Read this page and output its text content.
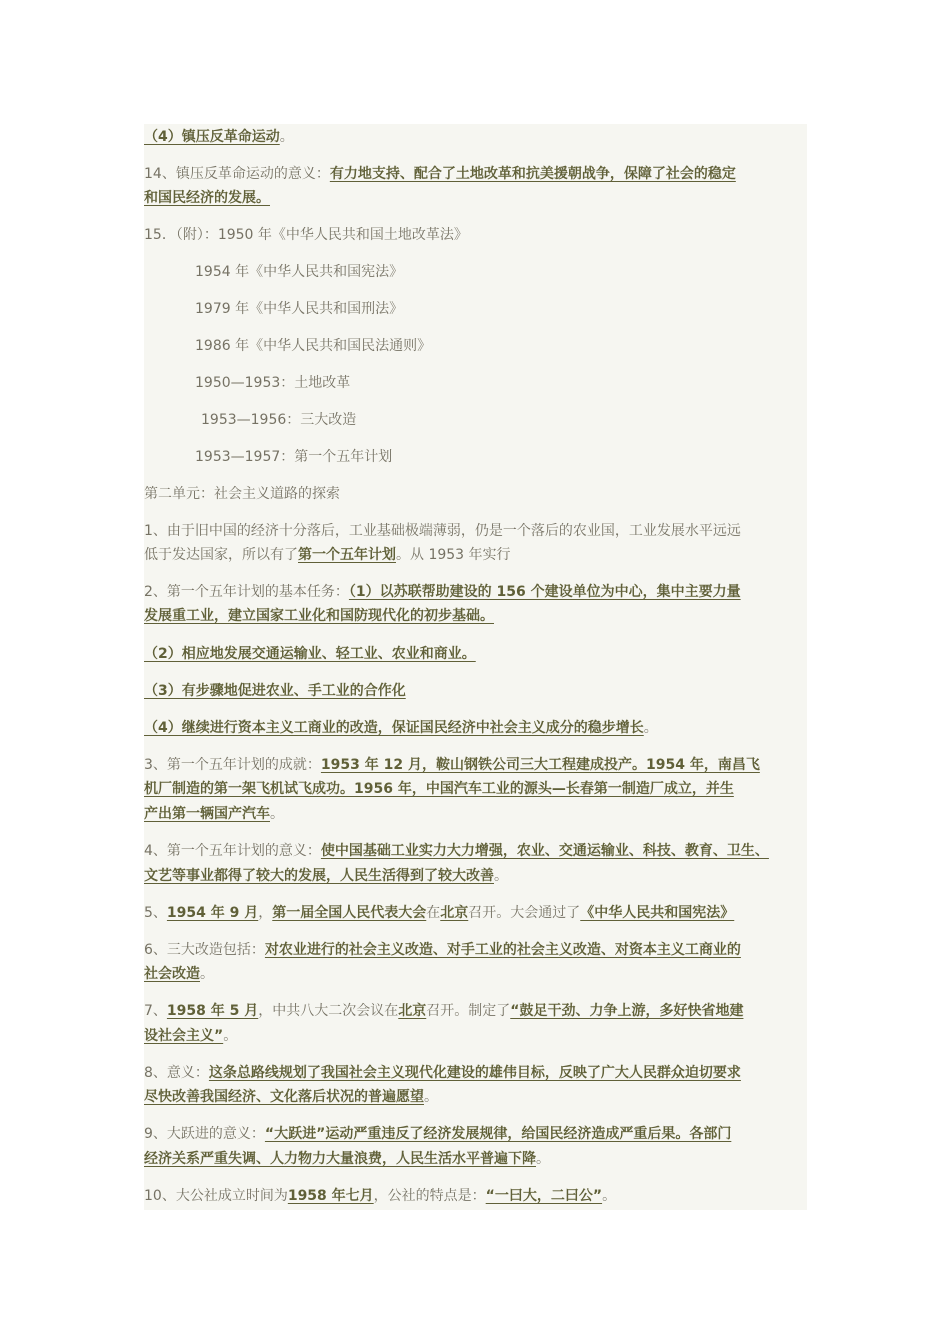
（4）镇压反革命运动。
14、镇压反革命运动的意义：有力地支持、配合了土地改革和抗美援朝战争，保障了社会的稳定
和国民经济的发展。
15．（附）：1950 年《中华人民共和国土地改革法》
1954 年《中华人民共和国宪法》
1979 年《中华人民共和国刑法》
1986 年《中华人民共和国民法通则》
1950—1953：土地改革
1953—1956：三大改造
1953—1957：第一个五年计划
第二单元：社会主义道路的探索
1、由于旧中国的经济十分落后，工业基础极端薄弱，仍是一个落后的农业国，工业发展水平远远
低于发达国家，所以有了第一个五年计划。从 1953 年实行
2、第一个五年计划的基本任务：（1）以苏联帮助建设的 156 个建设单位为中心，集中主要力量
发展重工业，建立国家工业化和国防现代化的初步基础。
（2）相应地发展交通运输业、轻工业、农业和商业。
（3）有步骤地促进农业、手工业的合作化
（4）继续进行资本主义工商业的改造，保证国民经济中社会主义成分的稳步增长。
3、第一个五年计划的成就：1953 年 12 月，鞍山钢铁公司三大工程建成投产。1954 年，南昌飞
机厂制造的第一架飞机试飞成功。1956 年，中国汽车工业的源头—长春第一制造厂成立，并生
产出第一辆国产汽车。
4、第一个五年计划的意义：使中国基础工业实力大力增强，农业、交通运输业、科技、教育、卫生、
文艺等事业都得了较大的发展，人民生活得到了较大改善。
5、1954 年 9 月，第一届全国人民代表大会在北京召开。大会通过了《中华人民共和国宪法》
6、三大改造包括：对农业进行的社会主义改造、对手工业的社会主义改造、对资本主义工商业的
社会改造。
7、1958 年 5 月，中共八大二次会议在北京召开。制定了“鼓足干劲、力争上游，多好快省地建
设社会主义”。
8、意义：这条总路线规划了我国社会主义现代化建设的雄伟目标，反映了广大人民群众迫切要求
尽快改善我国经济、文化落后状况的普遍愿望。
9、大跃进的意义：“大跃进”运动严重违反了经济发展规律，给国民经济造成严重后果。各部门
经济关系严重失调、人力物力大量浪费，人民生活水平普遍下降。
10、大公社成立时间为1958 年七月，公社的特点是：“一曰大，二曰公”。
